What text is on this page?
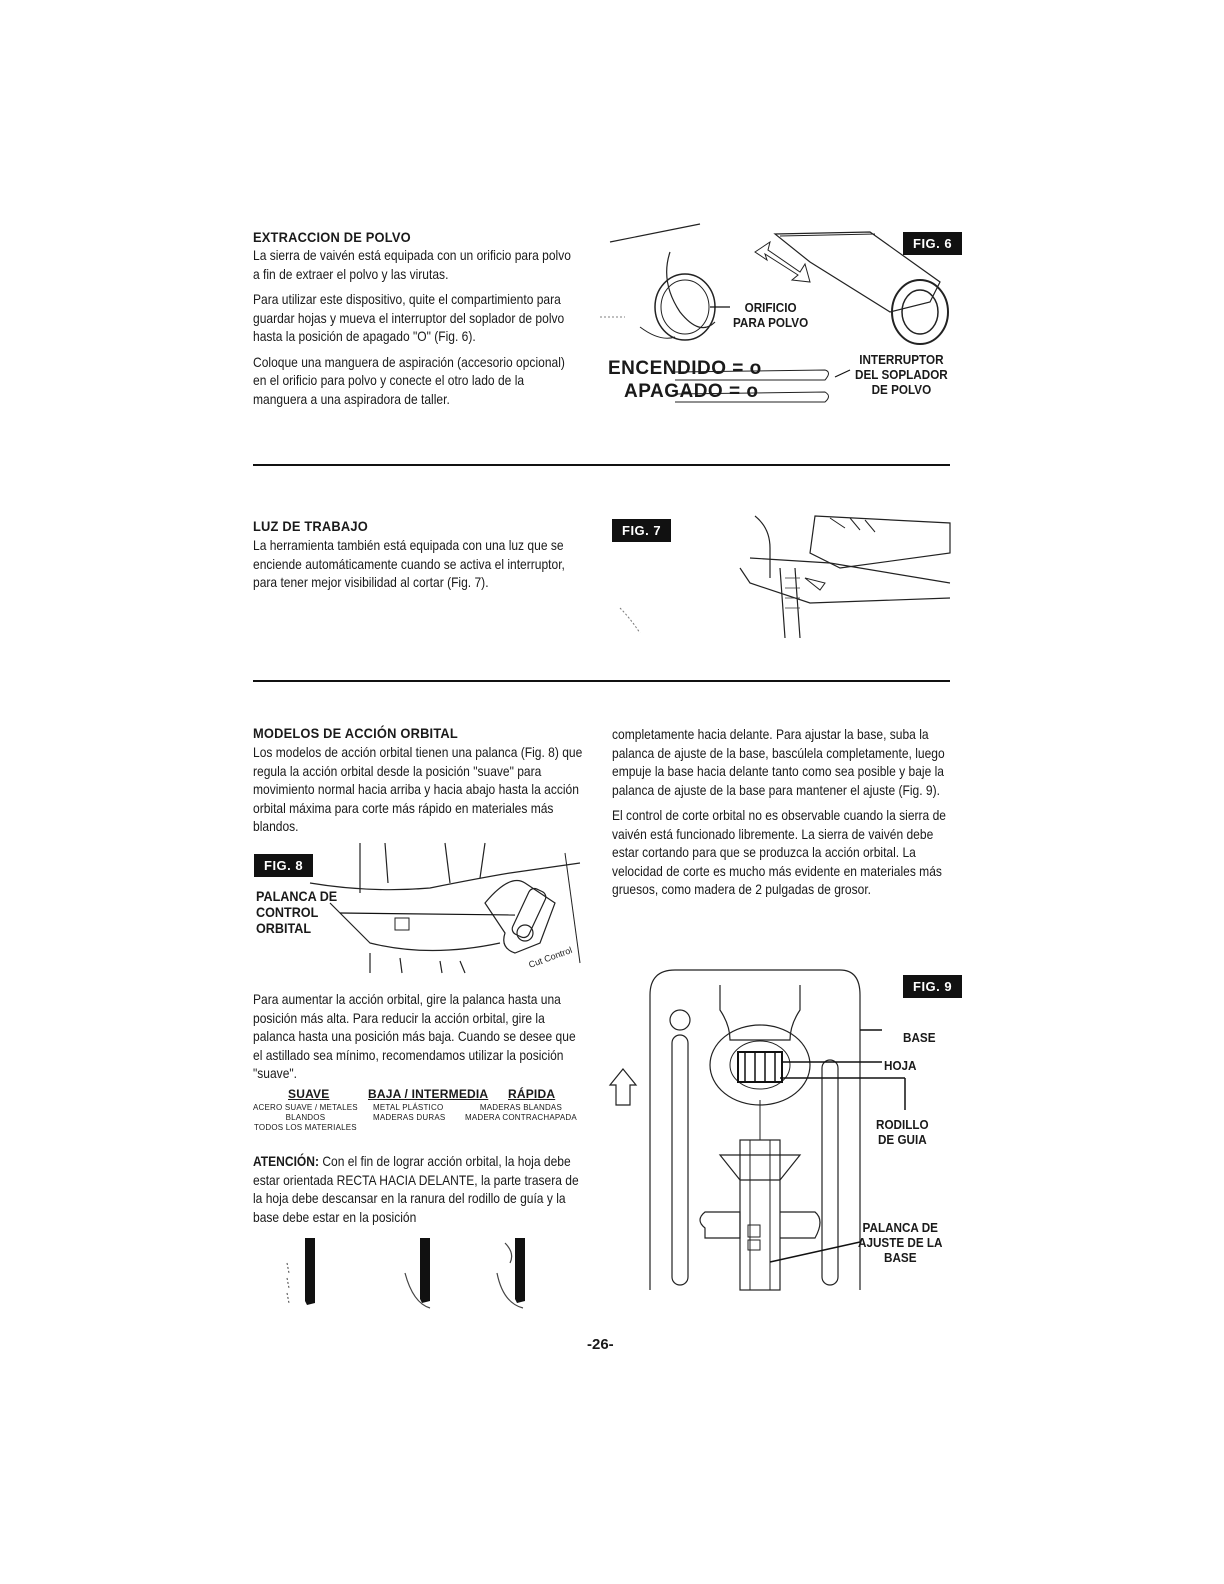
EXTRACCION DE POLVO

La sierra de vaivén está equipada con un orificio para polvo a fin de extraer el polvo y las virutas.

Para utilizar este dispositivo, quite el compartimiento para guardar hojas y mueva el interruptor del soplador de polvo hasta la posición de apagado "O" (Fig. 6).

Coloque una manguera de aspiración (accesorio opcional) en el orificio para polvo y conecte el otro lado de la manguera a una aspiradora de taller.

FIG. 6
ORIFICIO
PARA POLVO
ENCENDIDO = o
APAGADO = o
INTERRUPTOR
DEL SOPLADOR
DE POLVO
LUZ DE TRABAJO
La herramienta también está equipada con una luz que se enciende automáticamente cuando se activa el interruptor, para tener mejor visibilidad al cortar (Fig. 7).
FIG. 7
MODELOS DE ACCIÓN ORBITAL
Los modelos de acción orbital tienen una palanca (Fig. 8) que regula la acción orbital desde la posición "suave" para movimiento normal hacia arriba y hacia abajo hasta la acción orbital máxima para corte más rápido en materiales más blandos.
FIG. 8
Cut Control
PALANCA DE
CONTROL
ORBITAL
Para aumentar la acción orbital, gire la palanca hasta una posición más alta. Para reducir la acción orbital, gire la palanca hasta una posición más baja. Cuando se desee que el astillado sea mínimo, recomendamos utilizar la posición "suave".
SUAVE	BAJA / INTERMEDIA RÁPIDA
ACERO SUAVE / METALES
BLANDOS
TODOS LOS MATERIALES
METAL PLÁSTICO
MADERAS DURAS
MADERAS BLANDAS
MADERA CONTRACHAPADA
ATENCIÓN: Con el fin de lograr acción orbital, la hoja debe estar orientada RECTA HACIA DELANTE, la parte trasera de la hoja debe descansar en la ranura del rodillo de guía y la base debe estar en la posición

completamente hacia delante. Para ajustar la base, suba la palanca de ajuste de la base, bascúlela completamente, luego empuje la base hacia delante tanto como sea posible y baje la palanca de ajuste de la base para mantener el ajuste (Fig. 9).

El control de corte orbital no es observable cuando la sierra de vaivén está funcionado libremente. La sierra de vaivén debe estar cortando para que se produzca la acción orbital. La velocidad de corte es mucho más evidente en materiales más gruesos, como madera de 2 pulgadas de grosor.

FIG. 9
BASE
HOJA
RODILLO
DE GUIA
PALANCA DE
AJUSTE DE LA
BASE
-26-
